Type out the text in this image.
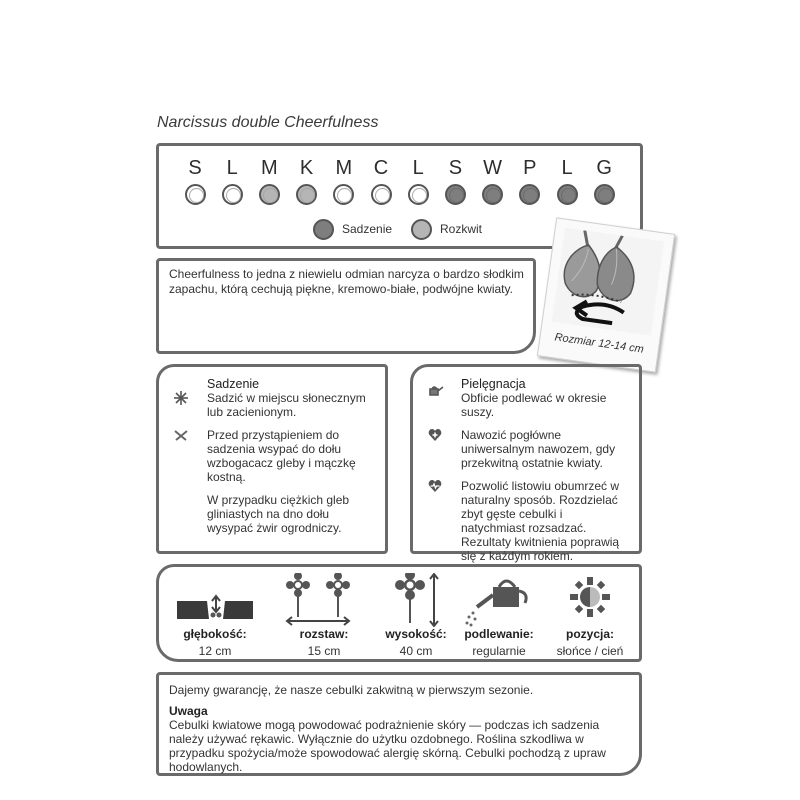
Narcissus double Cheerfulness
Sadzenie	Rozkwit
S	L	M	K	M	C	L	S	W	P	L	G
Cheerfulness to jedna z niewielu odmian narcyza o bardzo słodkim zapachu, którą cechują piękne, kremowo-białe, podwójne kwiaty.
Rozmiar 12-14 cm
Sadzenie
Sadzić w miejscu słonecznym lub zacienionym.
Przed przystąpieniem do sadzenia wsypać do dołu wzbogacacz gleby i mączkę kostną.
W przypadku ciężkich gleb gliniastych na dno dołu wysypać żwir ogrodniczy.
Pielęgnacja
Obficie podlewać w okresie suszy.
Nawozić pogłówne uniwersalnym nawozem, gdy przekwitną ostatnie kwiaty.
Pozwolić listowiu obumrzeć w naturalny sposób. Rozdzielać zbyt gęste cebulki i natychmiast rozsadzać. Rezultaty kwitnienia poprawią się z każdym rokiem.
głębokość:
12 cm
rozstaw:
15 cm
wysokość:
40 cm
podlewanie:
regularnie
pozycja:
słońce / cień
Dajemy gwarancję, że nasze cebulki zakwitną w pierwszym sezonie.
Uwaga
Cebulki kwiatowe mogą powodować podrażnienie skóry — podczas ich sadzenia należy używać rękawic. Wyłącznie do użytku ozdobnego. Roślina szkodliwa w przypadku spożycia/może spowodować alergię skórną. Cebulki pochodzą z upraw hodowlanych.
